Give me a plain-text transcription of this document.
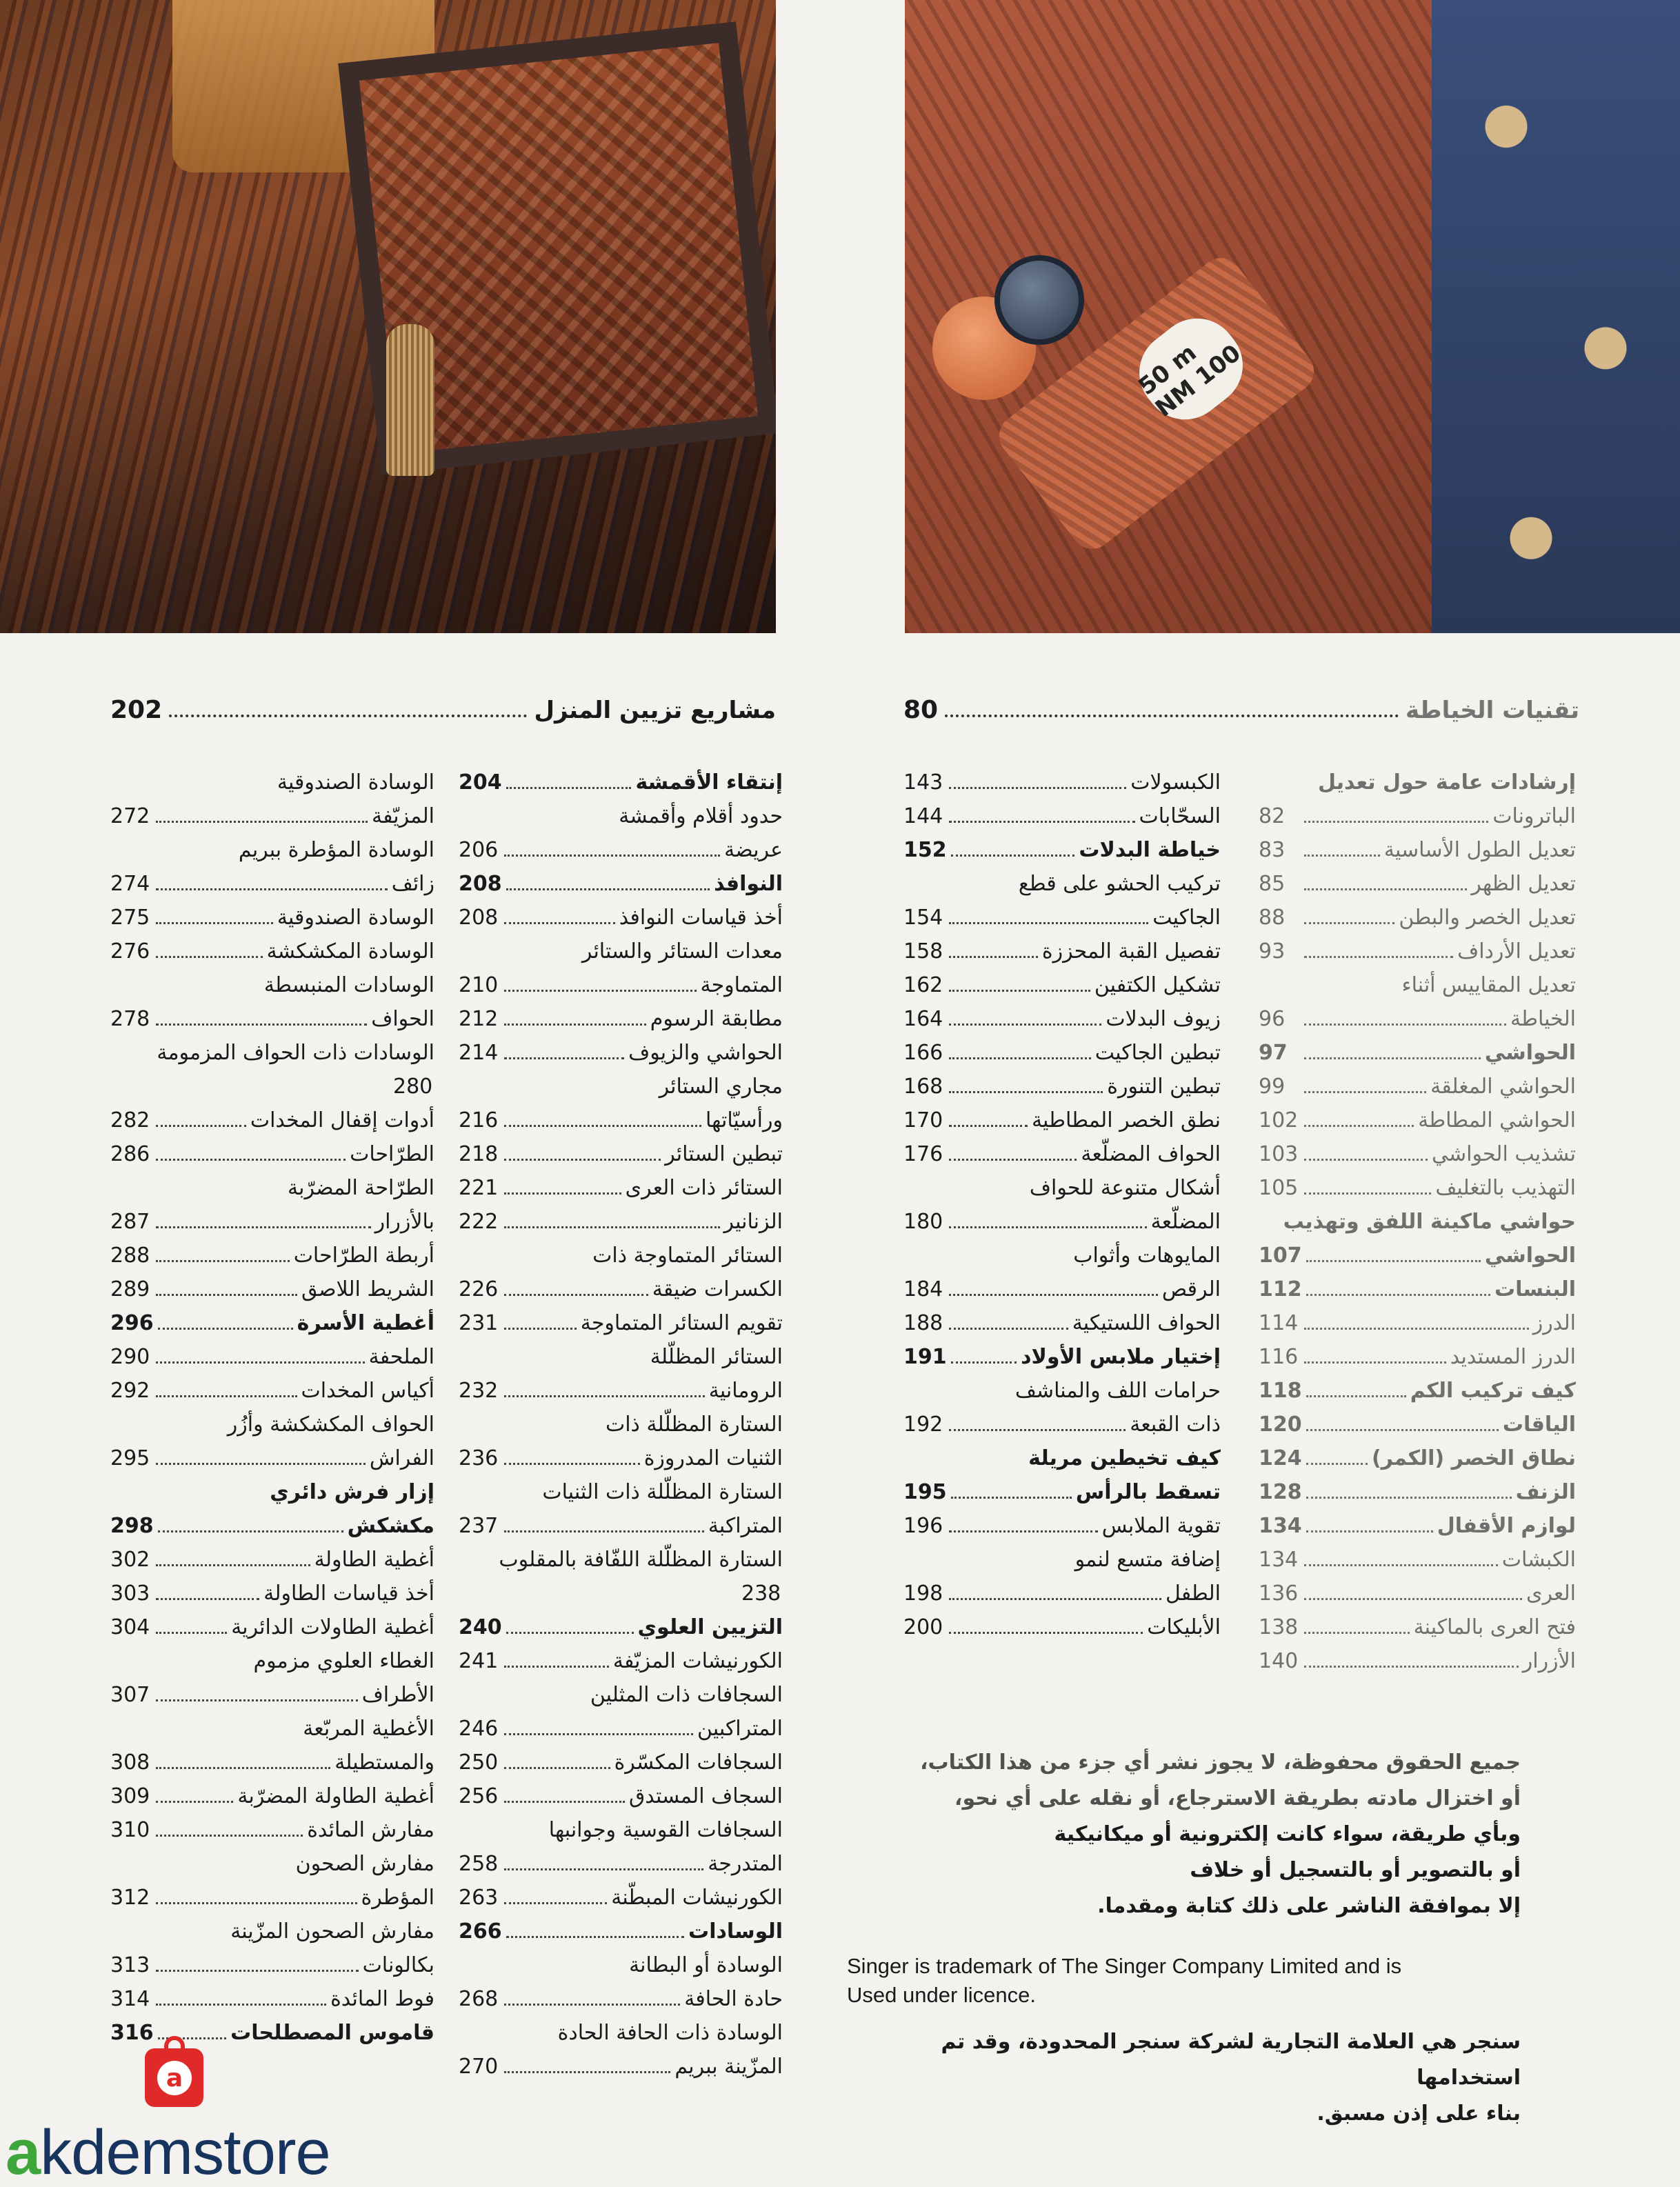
50 m NM 100
مشاريع تزيين المنزل
202	تقنيات الخياطة
80
إنتقاء الأقمشة
204
حدود أقلام وأقمشة
عريضة
206
النوافذ
208
أخذ قياسات النوافذ
208
معدات الستائر والستائر
المتماوجة
210
مطابقة الرسوم
212
الحواشي والزيوف
214
مجاري الستائر
ورأسيّاتها
216
تبطين الستائر
218
الستائر ذات العرى
221
الزنانير
222
الستائر المتماوجة ذات
الكسرات ضيقة
226
تقويم الستائر المتماوجة
231
الستائر المظلّلة
الرومانية
232
الستارة المظلّلة ذات
الثنيات المدروزة
236
الستارة المظلّلة ذات الثنيات
المتراكبة
237
الستارة المظلّلة اللفّافة بالمقلوب
238
التزيين العلوي
240
الكورنيشات المزيّفة
241
السجافات ذات المثلين
المتراكبين
246
السجافات المكسّرة
250
السجاف المستدق
256
السجافات القوسية وجوانبها
المتدرجة
258
الكورنيشات المبطّنة
263
الوسادات
266
الوسادة أو البطانة
حادة الحافة
268
الوسادة ذات الحافة الحادة
المزّينة ببريم
270
الوسادة الصندوقية
المزيّفة
272
الوسادة المؤطرة ببريم
زائف
274
الوسادة الصندوقية
275
الوسادة المكشكشة
276
الوسادات المنبسطة
الحواف
278
الوسادات ذات الحواف المزمومة
280
أدوات إقفال المخدات
282
الطرّاحات
286
الطرّاحة المضرّبة
بالأزرار
287
أربطة الطرّاحات
288
الشريط اللاصق
289
أغطية الأسرة
296
الملحفة
290
أكياس المخدات
292
الحواف المكشكشة وأزُر
الفراش
295
إزار فرش دائري
مكشكش
298
أغطية الطاولة
302
أخذ قياسات الطاولة
303
أغطية الطاولات الدائرية
304
الغطاء العلوي مزموم
الأطراف
307
الأغطية المربّعة
والمستطيلة
308
أغطية الطاولة المضرّبة
309
مفارش المائدة
310
مفارش الصحون
المؤطرة
312
مفارش الصحون المزّينة
بكالونات
313
فوط المائدة
314
قاموس المصطلحات
316
إرشادات عامة حول تعديل
الباترونات
82
تعديل الطول الأساسية
83
تعديل الظهر
85
تعديل الخصر والبطن
88
تعديل الأرداف
93
تعديل المقاييس أثناء
الخياطة
96
الحواشي
97
الحواشي المغلقة
99
الحواشي المطاطة
102
تشذيب الحواشي
103
التهذيب بالتغليف
105
حواشي ماكينة اللفق وتهذيب
الحواشي
107
البنسات
112
الدرز
114
الدرز المستديد
116
كيف تركيب الكم
118
الياقات
120
نطاق الخصر (الكمر)
124
الزنف
128
لوازم الأقفال
134
الكبشات
134
العرى
136
فتح العرى بالماكينة
138
الأزرار
140
الكبسولات
143
السحّابات
144
خياطة البدلات
152
تركيب الحشو على قطع
الجاكيت
154
تفصيل القبة المحززة
158
تشكيل الكتفين
162
زيوف البدلات
164
تبطين الجاكيت
166
تبطين التنورة
168
نطق الخصر المطاطية
170
الحواف المضلّعة
176
أشكال متنوعة للحواف
المضلّعة
180
المايوهات وأثواب
الرقص
184
الحواف اللستيكية
188
إختيار ملابس الأولاد
191
حرامات اللف والمناشف
ذات القبعة
192
كيف تخيطين مريلة
تسقط بالرأس
195
تقوية الملابس
196
إضافة متسع لنمو
الطفل
198
الأبليكات
200
جميع الحقوق محفوظة، لا يجوز نشر أي جزء من هذا الكتاب،
أو اختزال مادته بطريقة الاسترجاع، أو نقله على أي نحو،
وبأي طريقة، سواء كانت إلكترونية أو ميكانيكية
أو بالتصوير أو بالتسجيل أو خلاف
إلا بموافقة الناشر على ذلك كتابة ومقدما.
Singer is trademark of The Singer Company Limited and is
Used under licence.
سنجر هي العلامة التجارية لشركة سنجر المحدودة، وقد تم استخدامها
بناء على إذن مسبق.
a
akdemstore
